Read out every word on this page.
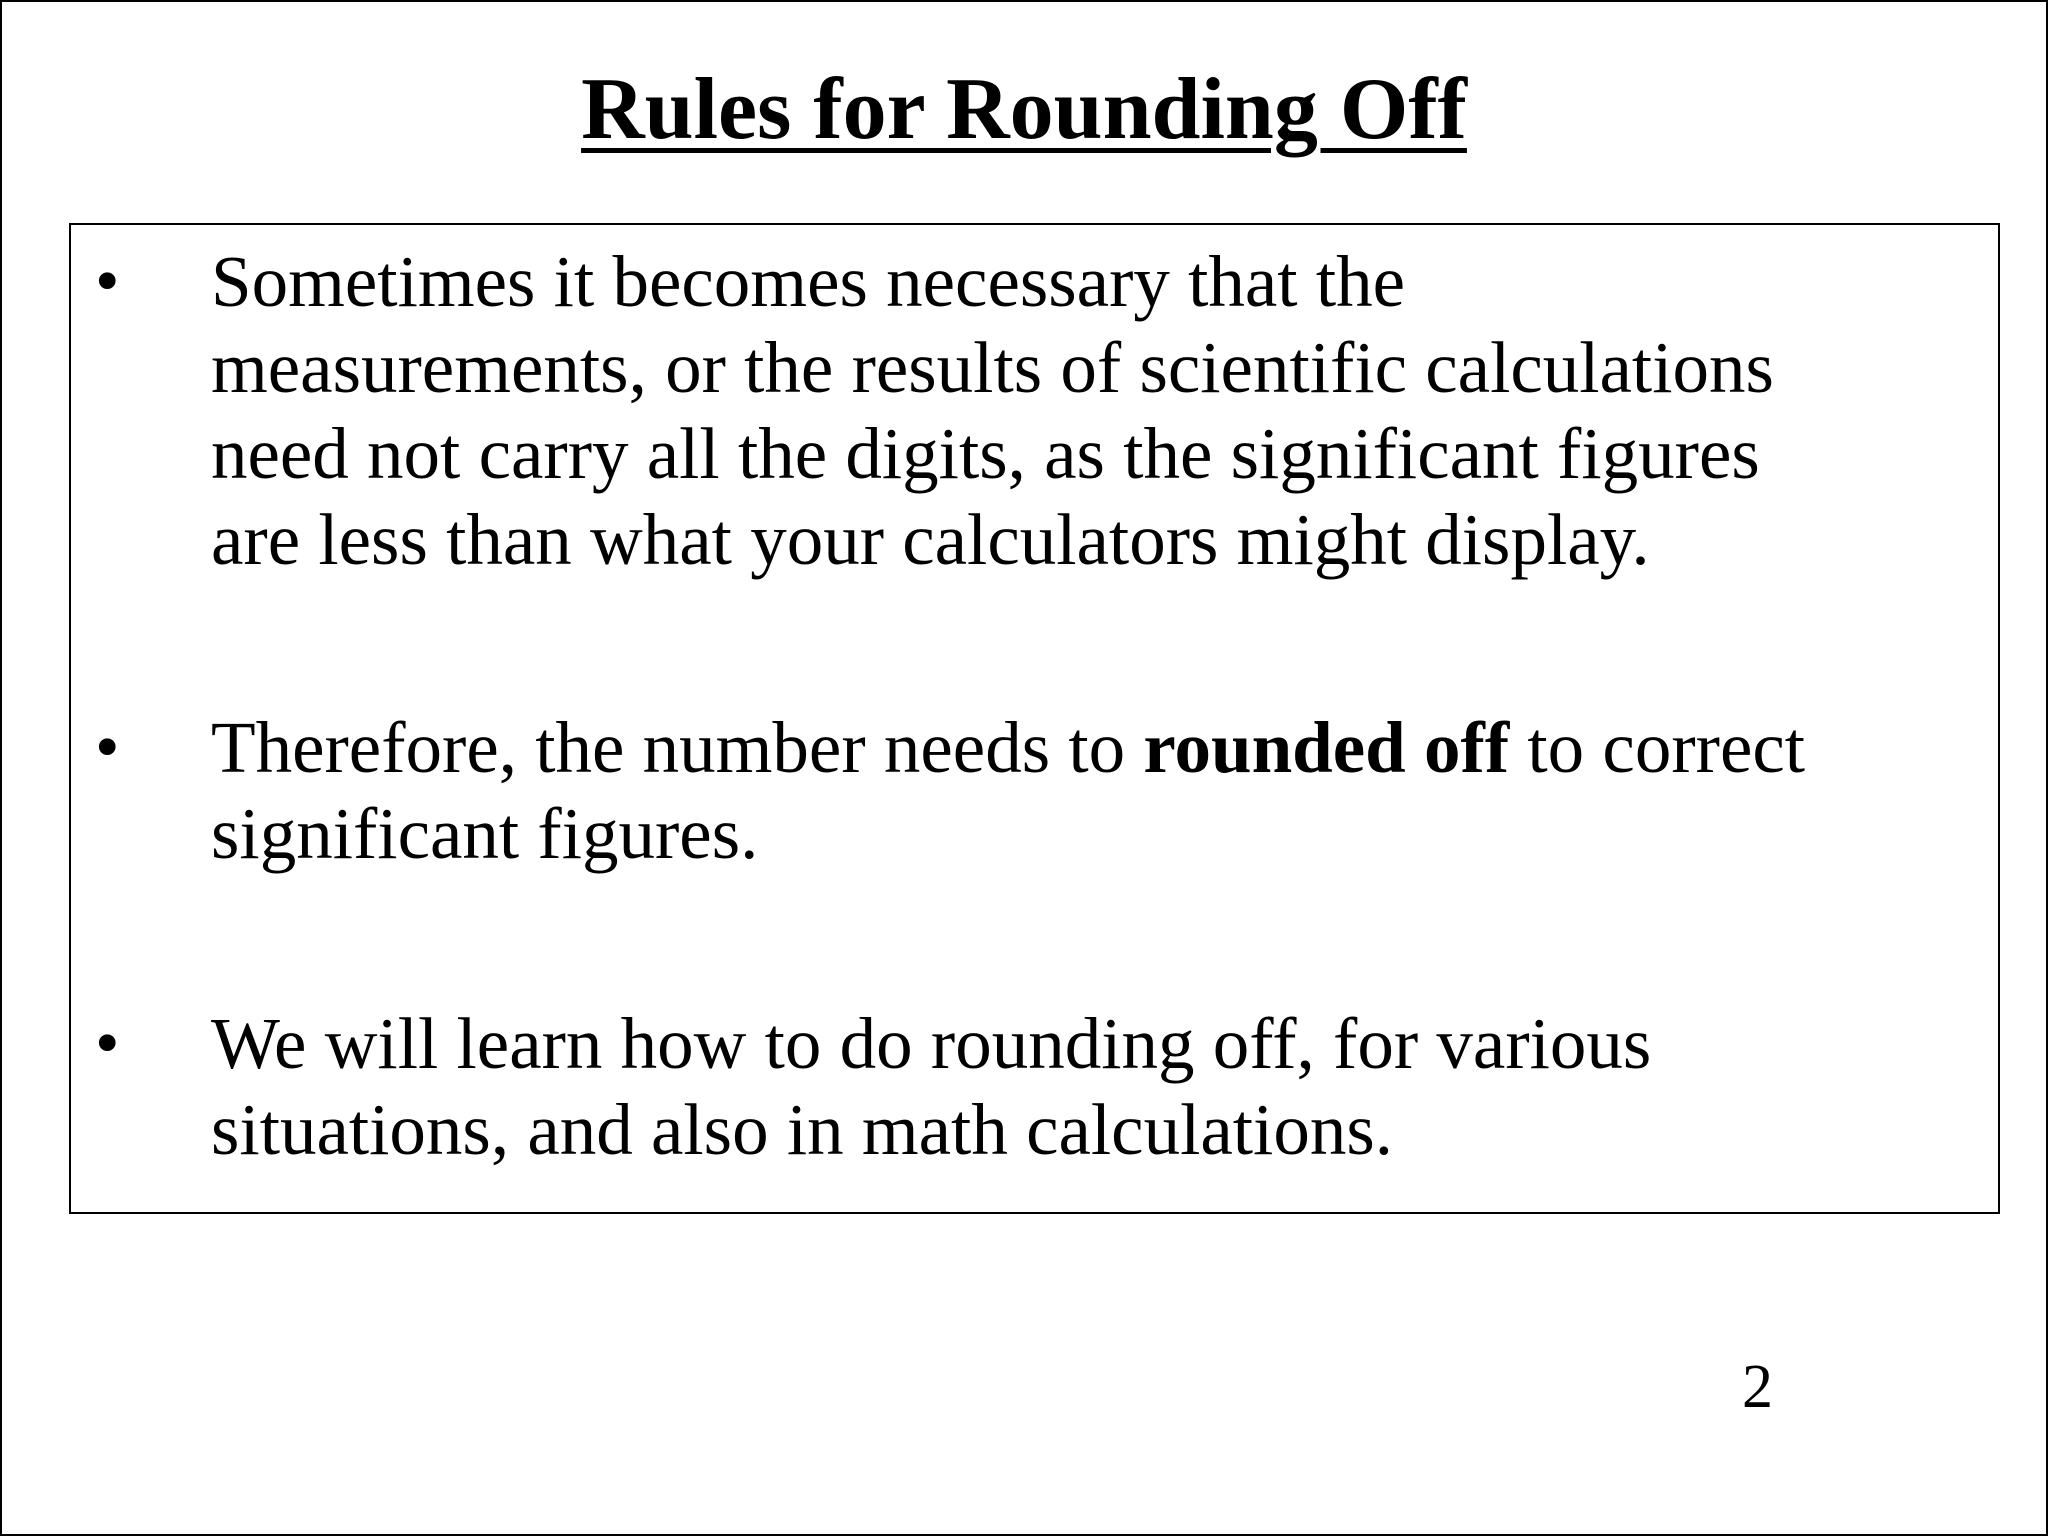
Rules for Rounding Off
• Sometimes it becomes necessary that the
measurements, or the results of scientific calculations
need not carry all the digits, as the significant figures
are less than what your calculators might display.
• Therefore, the number needs to rounded off to correct
significant figures.
• We will learn how to do rounding off, for various
situations, and also in math calculations.
2
